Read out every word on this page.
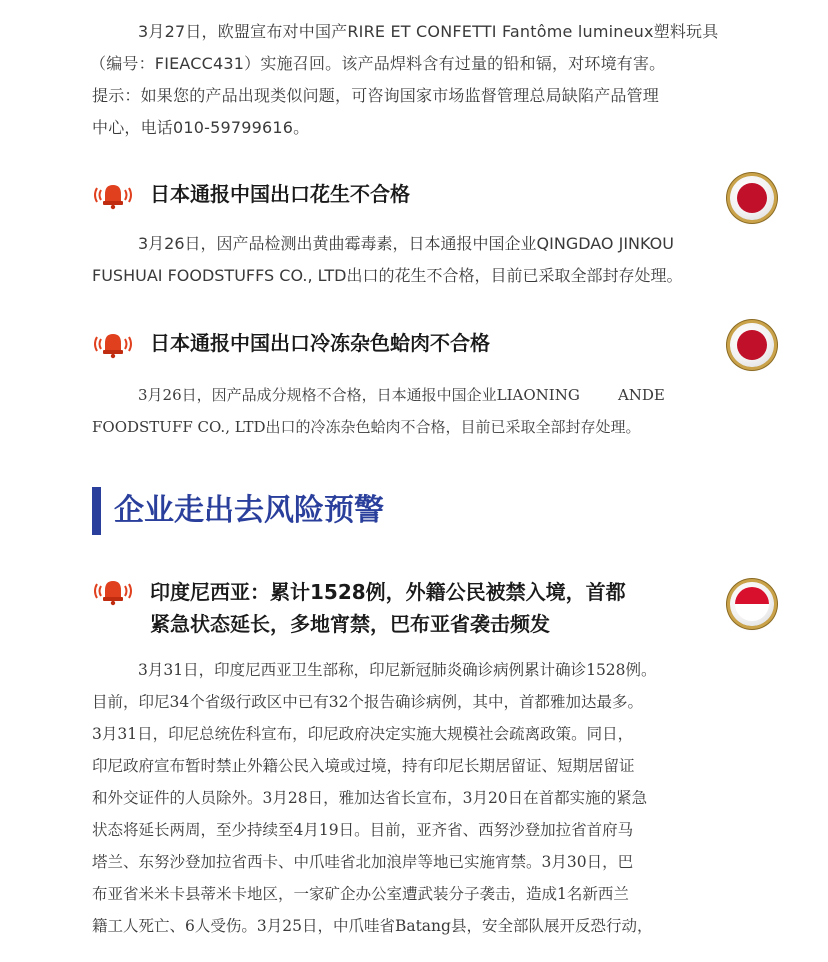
3月27日，欧盟宣布对中国产RIRE ET CONFETTI Fantôme lumineux塑料玩具
（编号：FIEACC431）实施召回。该产品焊料含有过量的铅和镉，对环境有害。
提示：如果您的产品出现类似问题，可咨询国家市场监督管理总局缺陷产品管理
中心，电话010-59799616。
日本通报中国出口花生不合格
3月26日，因产品检测出黄曲霉毒素，日本通报中国企业QINGDAO JINKOU
FUSHUAI FOODSTUFFS CO., LTD出口的花生不合格，目前已采取全部封存处理。
日本通报中国出口冷冻杂色蛤肉不合格
3月26日，因产品成分规格不合格，日本通报中国企业LIAONING        ANDE
FOODSTUFF CO., LTD出口的冷冻杂色蛤肉不合格，目前已采取全部封存处理。
企业走出去风险预警
印度尼西亚：累计1528例，外籍公民被禁入境，首都
紧急状态延长，多地宵禁，巴布亚省袭击频发
3月31日，印度尼西亚卫生部称，印尼新冠肺炎确诊病例累计确诊1528例。
目前，印尼34个省级行政区中已有32个报告确诊病例，其中，首都雅加达最多。
3月31日，印尼总统佐科宣布，印尼政府决定实施大规模社会疏离政策。同日，
印尼政府宣布暂时禁止外籍公民入境或过境，持有印尼长期居留证、短期居留证
和外交证件的人员除外。3月28日，雅加达省长宣布，3月20日在首都实施的紧急
状态将延长两周，至少持续至4月19日。目前，亚齐省、西努沙登加拉省首府马
塔兰、东努沙登加拉省西卡、中爪哇省北加浪岸等地已实施宵禁。3月30日，巴
布亚省米米卡县蒂米卡地区，一家矿企办公室遭武装分子袭击，造成1名新西兰
籍工人死亡、6人受伤。3月25日，中爪哇省Batang县，安全部队展开反恐行动，
